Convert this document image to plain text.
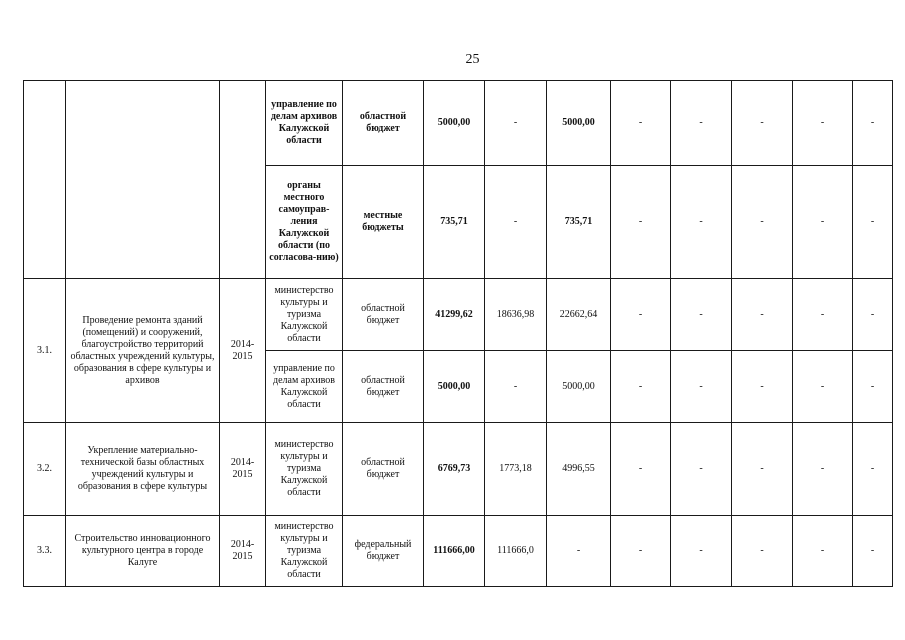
25
			управление по делам архивов Калужской области	областной бюджет	5000,00	-	5000,00	-	-	-	-	-
			органы местного самоуправ-ления Калужской области (по согласова-нию)	местные бюджеты	735,71	-	735,71	-	-	-	-	-
3.1.	Проведение ремонта зданий (помещений) и сооружений, благоустройство территорий областных учреждений культуры, образования в сфере культуры и архивов	2014-2015	министерство культуры и туризма Калужской области	областной бюджет	41299,62	18636,98	22662,64	-	-	-	-	-
			управление по делам архивов Калужской области	областной бюджет	5000,00	-	5000,00	-	-	-	-	-
3.2.	Укрепление материально-технической базы областных учреждений культуры и образования в сфере культуры	2014-2015	министерство культуры и туризма Калужской области	областной бюджет	6769,73	1773,18	4996,55	-	-	-	-	-
3.3.	Строительство инновационного культурного центра в городе Калуге	2014-2015	министерство культуры и туризма Калужской области	федеральный бюджет	111666,00	111666,0	-	-	-	-	-	-
